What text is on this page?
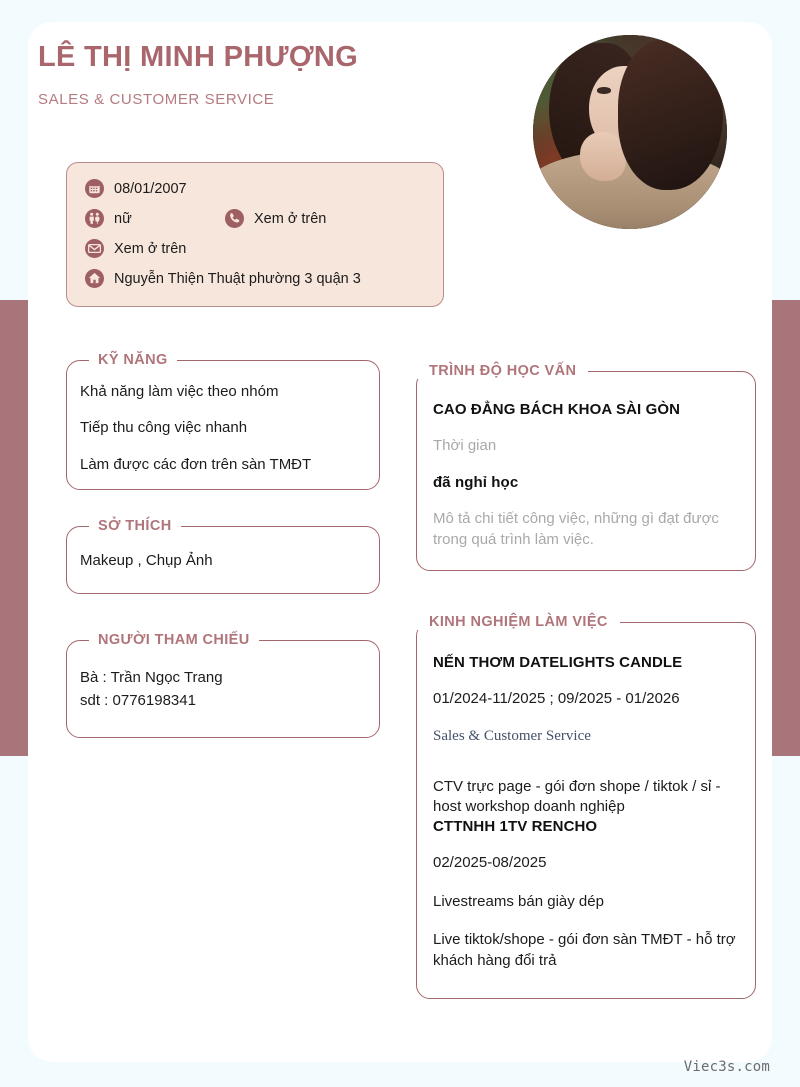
LÊ THỊ MINH PHƯỢNG
SALES & CUSTOMER SERVICE
08/01/2007
nữ	Xem ở trên
Xem ở trên
Nguyễn Thiện Thuật phường 3 quận 3
KỸ NĂNG

Khả năng làm việc theo nhóm

Tiếp thu công việc nhanh

Làm được các đơn trên sàn TMĐT

SỞ THÍCH

Makeup , Chụp Ảnh

NGƯỜI THAM CHIẾU
Bà : Trần Ngọc Trang
sdt : 0776198341
TRÌNH ĐỘ HỌC VẤN

CAO ĐẲNG BÁCH KHOA SÀI GÒN

Thời gian

đã nghỉ học

Mô tả chi tiết công việc, những gì đạt được trong quá trình làm việc.

KINH NGHIỆM LÀM VIỆC

NẾN THƠM DATELIGHTS CANDLE

01/2024-11/2025 ; 09/2025 - 01/2026

Sales & Customer Service

CTV trực page - gói đơn shope / tiktok / sỉ - host workshop doanh nghiệp

CTTNHH 1TV RENCHO

02/2025-08/2025

Livestreams bán giày dép

Live tiktok/shope - gói đơn sàn TMĐT - hỗ trợ khách hàng đổi trả

Viec3s.com
